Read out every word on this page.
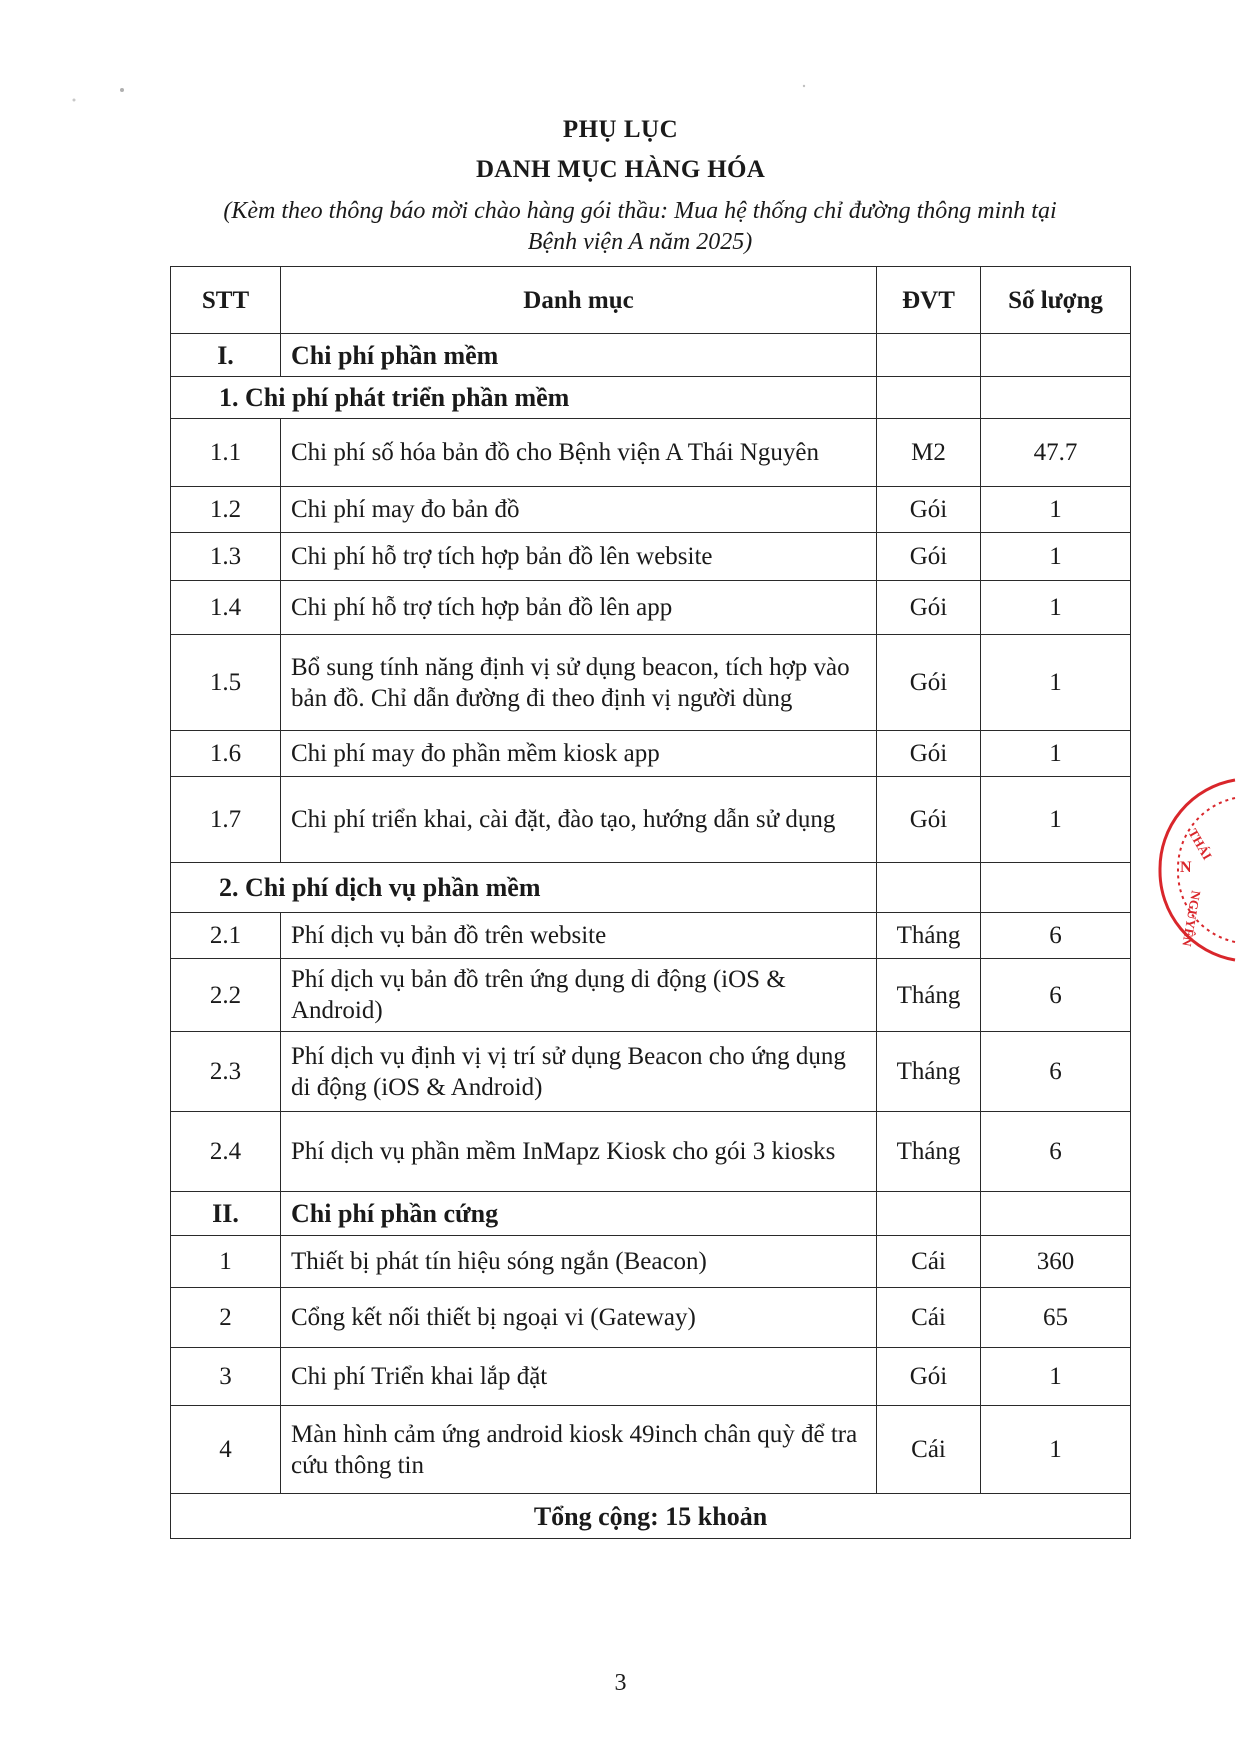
PHỤ LỤC
DANH MỤC HÀNG HÓA
(Kèm theo thông báo mời chào hàng gói thầu: Mua hệ thống chỉ đường thông minh tại
Bệnh viện A năm 2025)
STT	Danh mục	ĐVT	Số lượng
I.	Chi phí phần mềm		
1. Chi phí phát triển phần mềm			
1.1	Chi phí số hóa bản đồ cho Bệnh viện A Thái Nguyên	M2	47.7
1.2	Chi phí may đo bản đồ	Gói	1
1.3	Chi phí hỗ trợ tích hợp bản đồ lên website	Gói	1
1.4	Chi phí hỗ trợ tích hợp bản đồ lên app	Gói	1
1.5	Bổ sung tính năng định vị sử dụng beacon, tích hợp vào bản đồ. Chỉ dẫn đường đi theo định vị người dùng	Gói	1
1.6	Chi phí may đo phần mềm kiosk app	Gói	1
1.7	Chi phí triển khai, cài đặt, đào tạo, hướng dẫn sử dụng	Gói	1
2. Chi phí dịch vụ phần mềm			
2.1	Phí dịch vụ bản đồ trên website	Tháng	6
2.2	Phí dịch vụ bản đồ trên ứng dụng di động (iOS & Android)	Tháng	6
2.3	Phí dịch vụ định vị vị trí sử dụng Beacon cho ứng dụng di động (iOS & Android)	Tháng	6
2.4	Phí dịch vụ phần mềm InMapz Kiosk cho gói 3 kiosks	Tháng	6
II.	Chi phí phần cứng		
1	Thiết bị phát tín hiệu sóng ngắn (Beacon)	Cái	360
2	Cổng kết nối thiết bị ngoại vi (Gateway)	Cái	65
3	Chi phí Triển khai lắp đặt	Gói	1
4	Màn hình cảm ứng android kiosk 49inch chân quỳ để tra cứu thông tin	Cái	1
Tổng cộng: 15 khoản			
THÁI
N
NGUYÊN
3
